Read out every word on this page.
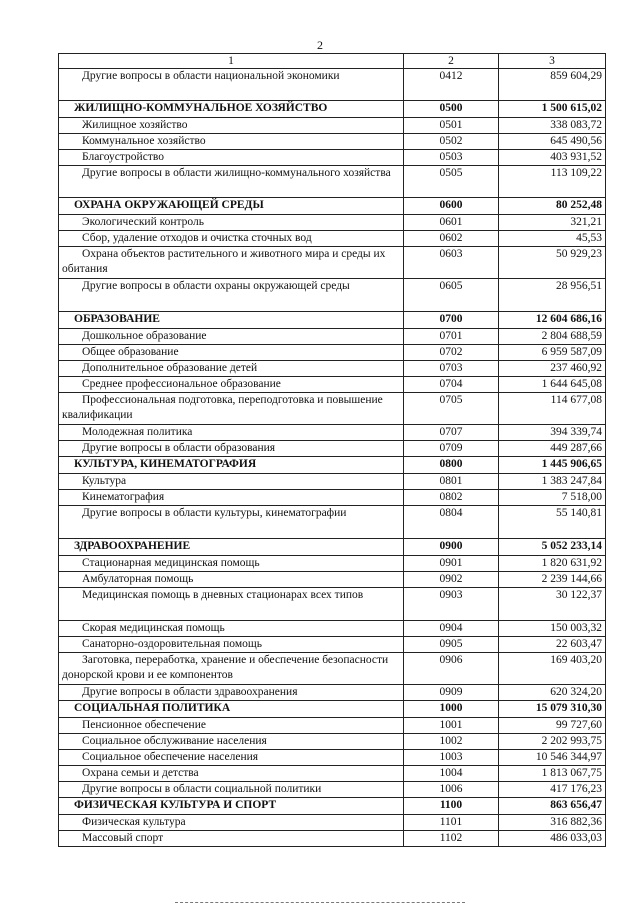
2
1	2	3
Другие вопросы в области национальной экономики	0412	859 604,29
ЖИЛИЩНО-КОММУНАЛЬНОЕ ХОЗЯЙСТВО	0500	1 500 615,02
Жилищное хозяйство	0501	338 083,72
Коммунальное хозяйство	0502	645 490,56
Благоустройство	0503	403 931,52
Другие вопросы в области жилищно-коммунального хозяйства	0505	113 109,22
ОХРАНА ОКРУЖАЮЩЕЙ СРЕДЫ	0600	80 252,48
Экологический контроль	0601	321,21
Сбор, удаление отходов и очистка сточных вод	0602	45,53
Охрана объектов растительного и животного мира и среды их обитания	0603	50 929,23
Другие вопросы в области охраны окружающей среды	0605	28 956,51
ОБРАЗОВАНИЕ	0700	12 604 686,16
Дошкольное образование	0701	2 804 688,59
Общее образование	0702	6 959 587,09
Дополнительное образование детей	0703	237 460,92
Среднее профессиональное образование	0704	1 644 645,08
Профессиональная подготовка, переподготовка и повышение квалификации	0705	114 677,08
Молодежная политика	0707	394 339,74
Другие вопросы в области образования	0709	449 287,66
КУЛЬТУРА, КИНЕМАТОГРАФИЯ	0800	1 445 906,65
Культура	0801	1 383 247,84
Кинематография	0802	7 518,00
Другие вопросы в области культуры, кинематографии	0804	55 140,81
ЗДРАВООХРАНЕНИЕ	0900	5 052 233,14
Стационарная медицинская помощь	0901	1 820 631,92
Амбулаторная помощь	0902	2 239 144,66
Медицинская помощь в дневных стационарах всех типов	0903	30 122,37
Скорая медицинская помощь	0904	150 003,32
Санаторно-оздоровительная помощь	0905	22 603,47
Заготовка, переработка, хранение и обеспечение безопасности донорской крови и ее компонентов	0906	169 403,20
Другие вопросы в области здравоохранения	0909	620 324,20
СОЦИАЛЬНАЯ ПОЛИТИКА	1000	15 079 310,30
Пенсионное обеспечение	1001	99 727,60
Социальное обслуживание населения	1002	2 202 993,75
Социальное обеспечение населения	1003	10 546 344,97
Охрана семьи и детства	1004	1 813 067,75
Другие вопросы в области социальной политики	1006	417 176,23
ФИЗИЧЕСКАЯ КУЛЬТУРА И СПОРТ	1100	863 656,47
Физическая культура	1101	316 882,36
Массовый спорт	1102	486 033,03
